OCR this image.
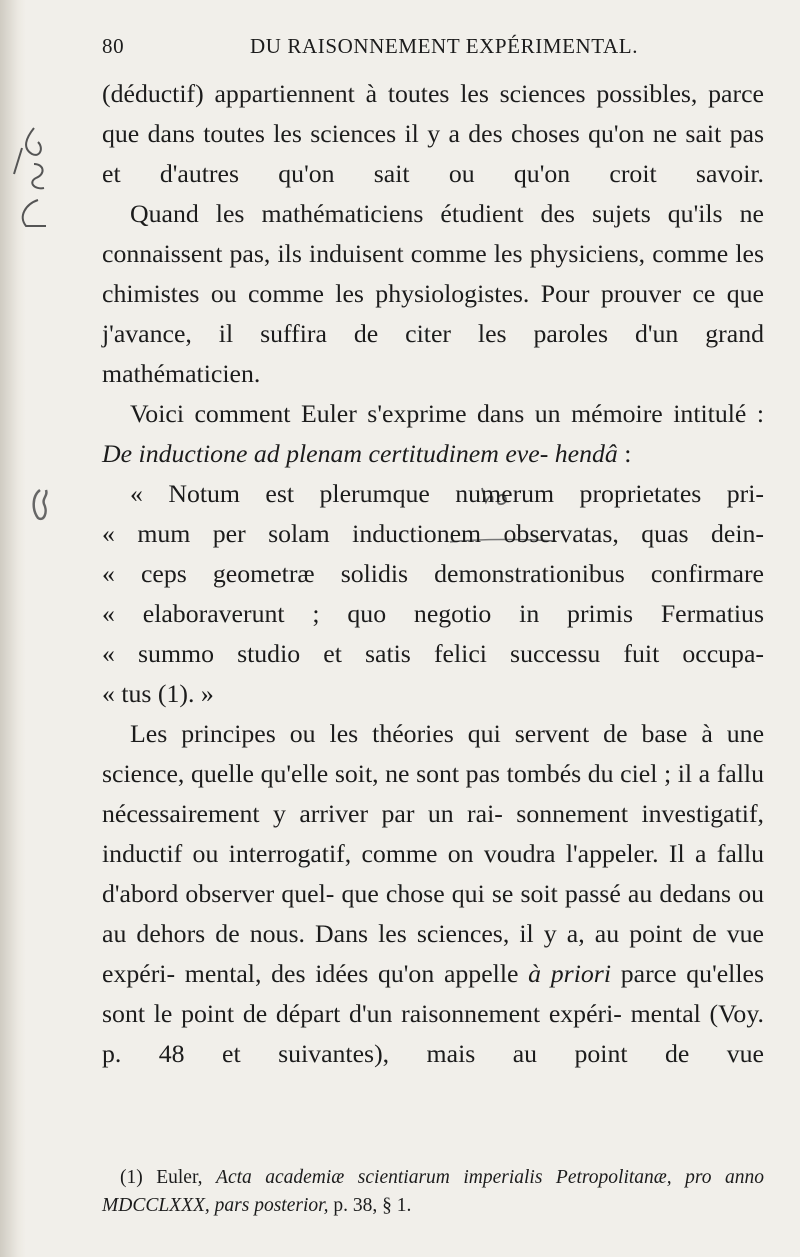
80	DU RAISONNEMENT EXPÉRIMENTAL.

(déductif) appartiennent à toutes les sciences possibles, parce que dans toutes les sciences il y a des choses qu'on ne sait pas et d'autres qu'on sait ou qu'on croit savoir.

Quand les mathématiciens étudient des sujets qu'ils ne connaissent pas, ils induisent comme les physiciens, comme les chimistes ou comme les physiologistes. Pour prouver ce que j'avance, il suffira de citer les paroles d'un grand mathématicien.

Voici comment Euler s'exprime dans un mémoire intitulé : De inductione ad plenam certitudinem eve- hendâ :

« Notum est plerumque numerum proprietates pri-

« mum per solam inductionem observatas, quas dein-

« ceps geometræ solidis demonstrationibus confirmare

« elaboraverunt ; quo negotio in primis Fermatius

« summo studio et satis felici successu fuit occupa-

« tus (1). »

Les principes ou les théories qui servent de base à une science, quelle qu'elle soit, ne sont pas tombés du ciel ; il a fallu nécessairement y arriver par un rai- sonnement investigatif, inductif ou interrogatif, comme on voudra l'appeler. Il a fallu d'abord observer quel- que chose qui se soit passé au dedans ou au dehors de nous. Dans les sciences, il y a, au point de vue expéri- mental, des idées qu'on appelle à priori parce qu'elles sont le point de départ d'un raisonnement expéri- mental (Voy. p. 48 et suivantes), mais au point de vue

(1) Euler, Acta academiæ scientiarum imperialis Petropolitanæ, pro anno MDCCLXXX, pars posterior, p. 38, § 1.
